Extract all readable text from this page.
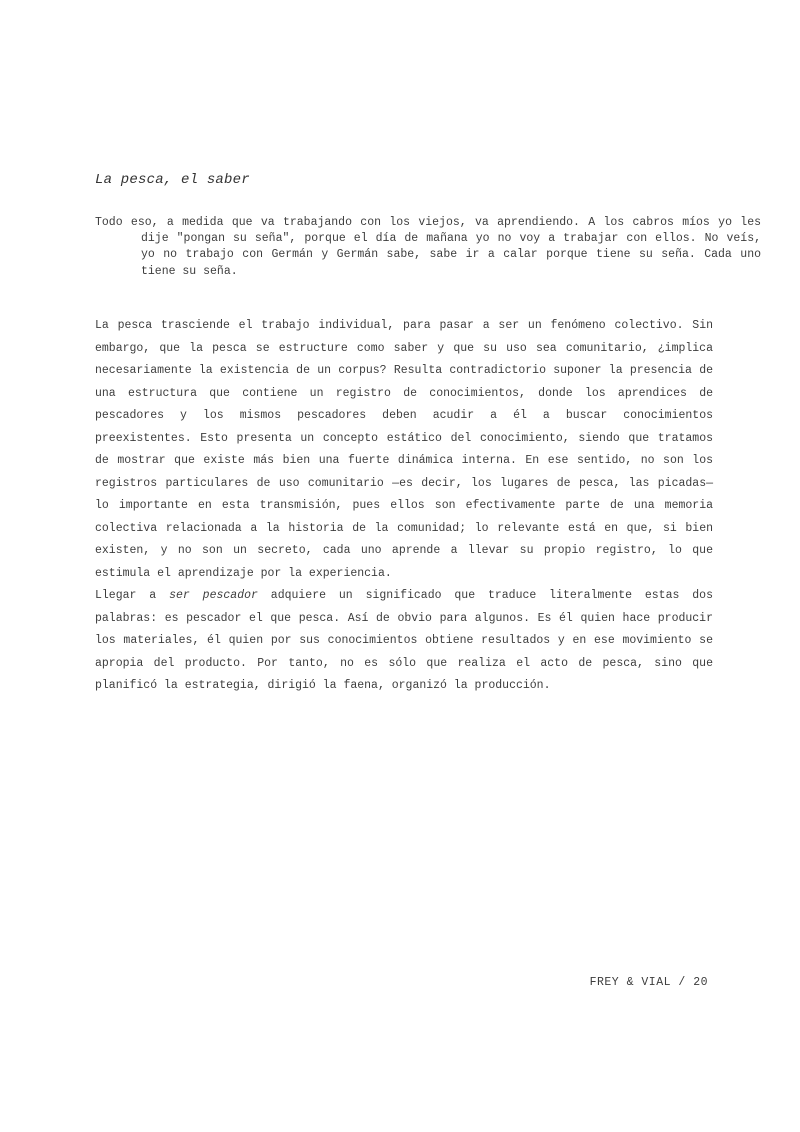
La pesca, el saber
Todo eso, a medida que va trabajando con los viejos, va aprendiendo. A los cabros míos yo les dije "pongan su seña", porque el día de mañana yo no voy a trabajar con ellos. No veís, yo no trabajo con Germán y Germán sabe, sabe ir a calar porque tiene su seña. Cada uno tiene su seña.

La pesca trasciende el trabajo individual, para pasar a ser un fenómeno colectivo. Sin embargo, que la pesca se estructure como saber y que su uso sea comunitario, ¿implica necesariamente la existencia de un corpus? Resulta contradictorio suponer la presencia de una estructura que contiene un registro de conocimientos, donde los aprendices de pescadores y los mismos pescadores deben acudir a él a buscar conocimientos preexistentes. Esto presenta un concepto estático del conocimiento, siendo que tratamos de mostrar que existe más bien una fuerte dinámica interna. En ese sentido, no son los registros particulares de uso comunitario —es decir, los lugares de pesca, las picadas— lo importante en esta transmisión, pues ellos son efectivamente parte de una memoria colectiva relacionada a la historia de la comunidad; lo relevante está en que, si bien existen, y no son un secreto, cada uno aprende a llevar su propio registro, lo que estimula el aprendizaje por la experiencia.

Llegar a ser pescador adquiere un significado que traduce literalmente estas dos palabras: es pescador el que pesca. Así de obvio para algunos. Es él quien hace producir los materiales, él quien por sus conocimientos obtiene resultados y en ese movimiento se apropia del producto. Por tanto, no es sólo que realiza el acto de pesca, sino que planificó la estrategia, dirigió la faena, organizó la producción.

FREY & VIAL / 20
